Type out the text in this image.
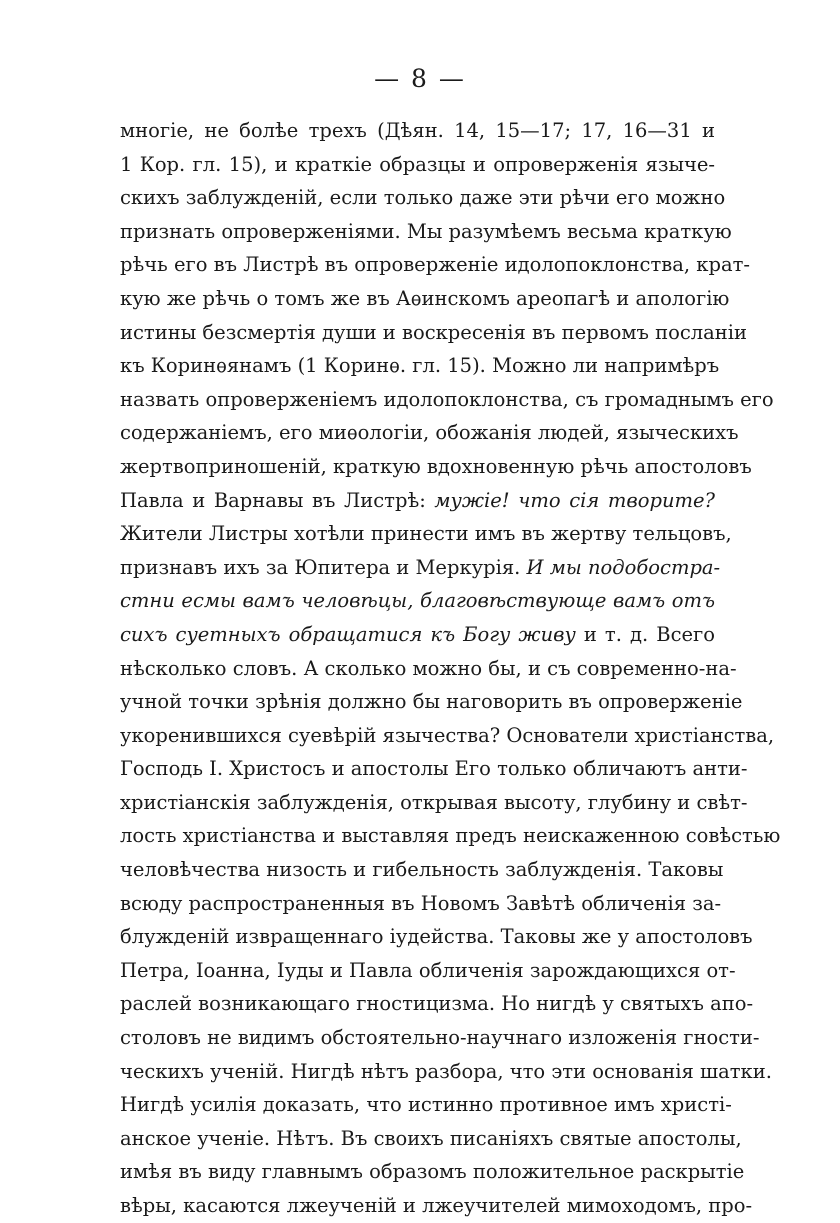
— 8 —
многіе, не болѣе трехъ (Дѣян. 14, 15—17; 17, 16—31 и
1 Кор. гл. 15), и краткіе образцы и опроверженія языче-
скихъ заблужденій, если только даже эти рѣчи его можно
признать опроверженіями. Мы разумѣемъ весьма краткую
рѣчь его въ Листрѣ въ опроверженіе идолопоклонства, крат-
кую же рѣчь о томъ же въ Аѳинскомъ ареопагѣ и апологію
истины безсмертія души и воскресенія въ первомъ посланіи
къ Коринѳянамъ (1 Коринѳ. гл. 15). Можно ли напримѣръ
назвать опроверженіемъ идолопоклонства, съ громаднымъ его
содержаніемъ, его миѳологіи, обожанія людей, языческихъ
жертвоприношеній, краткую вдохновенную рѣчь апостоловъ
Павла и Варнавы въ Листрѣ: мужіе! что сія творите?
Жители Листры хотѣли принести имъ въ жертву тельцовъ,
признавъ ихъ за Юпитера и Меркурія. И мы подобостра-
стни есмы вамъ человѣцы, благовѣствующе вамъ отъ
сихъ суетныхъ обращатися къ Богу живу и т. д. Всего
нѣсколько словъ. А сколько можно бы, и съ современно-на-
учной точки зрѣнія должно бы наговорить въ опроверженіе
укоренившихся суевѣрій язычества? Основатели христіанства,
Господь І. Христосъ и апостолы Его только обличаютъ анти-
христіанскія заблужденія, открывая высоту, глубину и свѣт-
лость христіанства и выставляя предъ неискаженною совѣстью
человѣчества низость и гибельность заблужденія. Таковы
всюду распространенныя въ Новомъ Завѣтѣ обличенія за-
блужденій извращеннаго іудейства. Таковы же у апостоловъ
Петра, Іоанна, Іуды и Павла обличенія зарождающихся от-
раслей возникающаго гностицизма. Но нигдѣ у святыхъ апо-
столовъ не видимъ обстоятельно-научнаго изложенія гности-
ческихъ ученій. Нигдѣ нѣтъ разбора, что эти основанія шатки.
Нигдѣ усилія доказать, что истинно противное имъ христі-
анское ученіе. Нѣтъ. Въ своихъ писаніяхъ святые апостолы,
имѣя въ виду главнымъ образомъ положительное раскрытіе
вѣры, касаются лжеученій и лжеучителей мимоходомъ, про-
